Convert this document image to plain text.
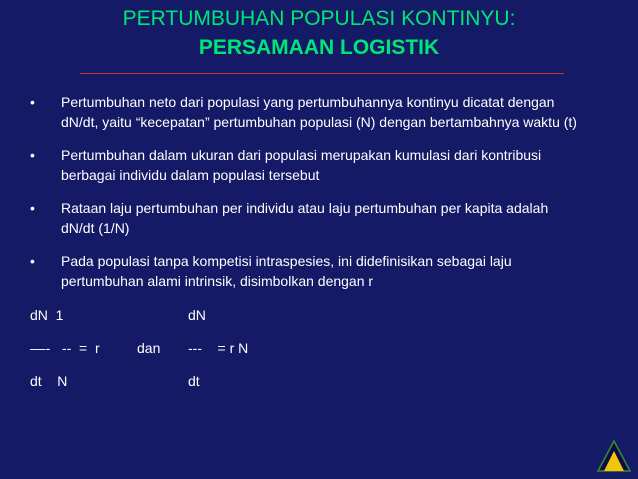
PERTUMBUHAN POPULASI KONTINYU:
PERSAMAAN LOGISTIK
• Pertumbuhan neto dari populasi yang pertumbuhannya kontinyu dicatat dengan
dN/dt, yaitu “kecepatan” pertumbuhan populasi (N) dengan bertambahnya waktu (t)
• Pertumbuhan dalam ukuran dari populasi merupakan kumulasi dari kontribusi
berbagai individu dalam populasi tersebut
• Rataan laju pertumbuhan per individu atau laju pertumbuhan per kapita adalah
dN/dt (1/N)
• Pada populasi tanpa kompetisi intraspesies, ini didefinisikan sebagai laju
pertumbuhan alami intrinsik, disimbolkan dengan r
dN  1
––-   --  =  r
dt    N
dan
dN
---    = r N
dt
